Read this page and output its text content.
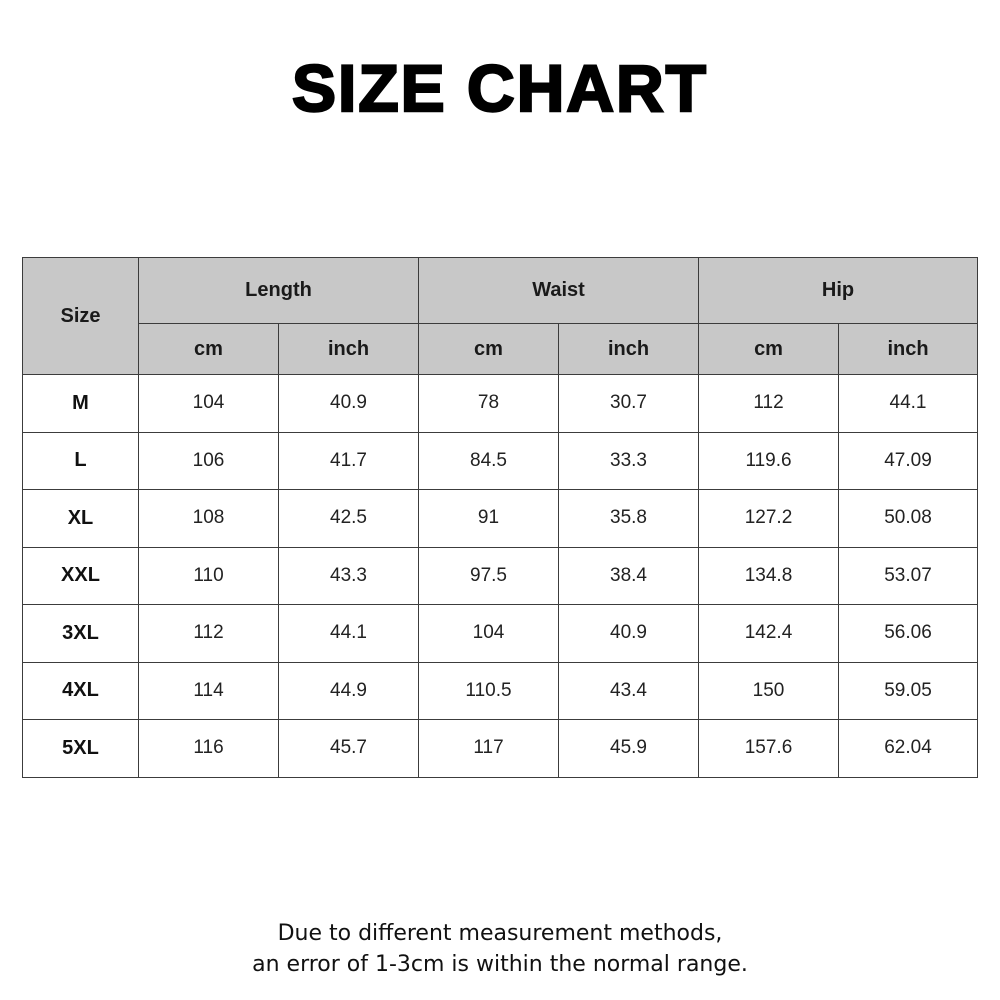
SIZE CHART
Size	Length		Waist		Hip	
	cm	inch	cm	inch	cm	inch
M	104	40.9	78	30.7	112	44.1
L	106	41.7	84.5	33.3	119.6	47.09
XL	108	42.5	91	35.8	127.2	50.08
XXL	110	43.3	97.5	38.4	134.8	53.07
3XL	112	44.1	104	40.9	142.4	56.06
4XL	114	44.9	110.5	43.4	150	59.05
5XL	116	45.7	117	45.9	157.6	62.04
Due to different measurement methods,
an error of 1-3cm is within the normal range.
